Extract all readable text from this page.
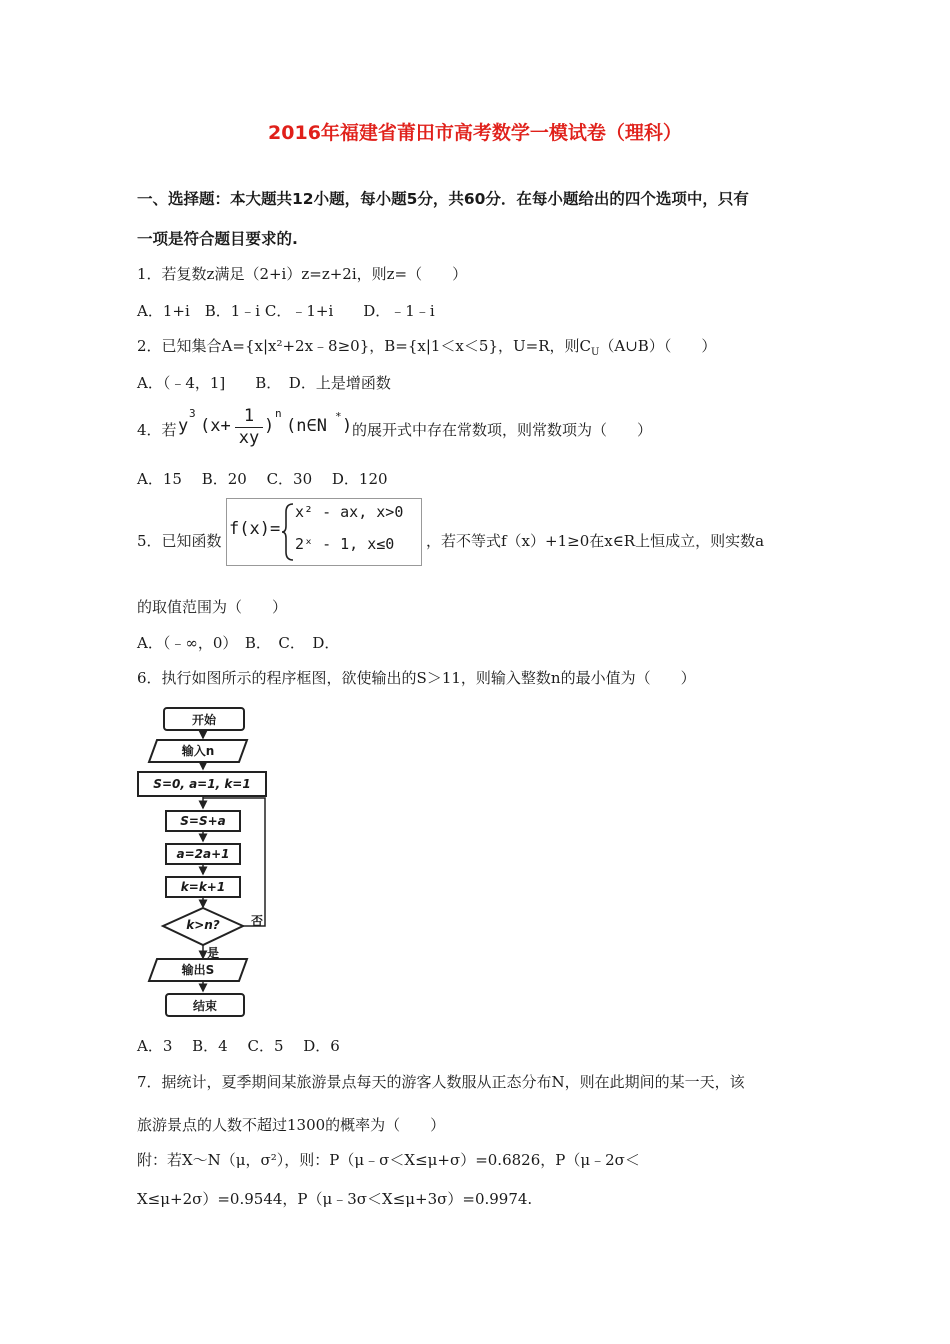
2016年福建省莆田市高考数学一模试卷（理科）
一、选择题：本大题共12小题，每小题5分，共60分．在每小题给出的四个选项中，只有
一项是符合题目要求的.
1．若复数z满足（2+i）z=z+2i，则z=（　　）
A．1+i　B．1﹣i C．﹣1+i　　D．﹣1﹣i
2．已知集合A={x|x²+2x﹣8≥0}，B={x|1＜x＜5}，U=R，则$C_U(A\cup B)$（　　）
A．（﹣4，1]　　B．　D．上是增函数
4．若 y
3
(x+ 1
xy
)
n
(n∈N * ) 的展开式中存在常数项，则常数项为（　　）
A．15　 B．20　 C．30　 D．120
5．已知函数
f(x)=
x² - ax, x>0
2ˣ - 1, x≤0 ，若不等式f（x）+1≥0在x∈R上恒成立，则实数a
的取值范围为（　　）
A．（﹣∞，0）　B．　C．　D．
6．执行如图所示的程序框图，欲使输出的S＞11，则输入整数n的最小值为（　　）
开始
输入n
S=0, a=1, k=1
S=S+a
a=2a+1
k=k+1
k>n?	否
是
输出S
结束
A．3　 B．4　 C．5　 D．6
7．据统计，夏季期间某旅游景点每天的游客人数服从正态分布N，则在此期间的某一天，该
旅游景点的人数不超过1300的概率为（　　）
附：若X～N（μ，σ²），则：P（μ﹣σ＜X≤μ+σ）=0.6826，P（μ﹣2σ＜
X≤μ+2σ）=0.9544，P（μ﹣3σ＜X≤μ+3σ）=0.9974.
